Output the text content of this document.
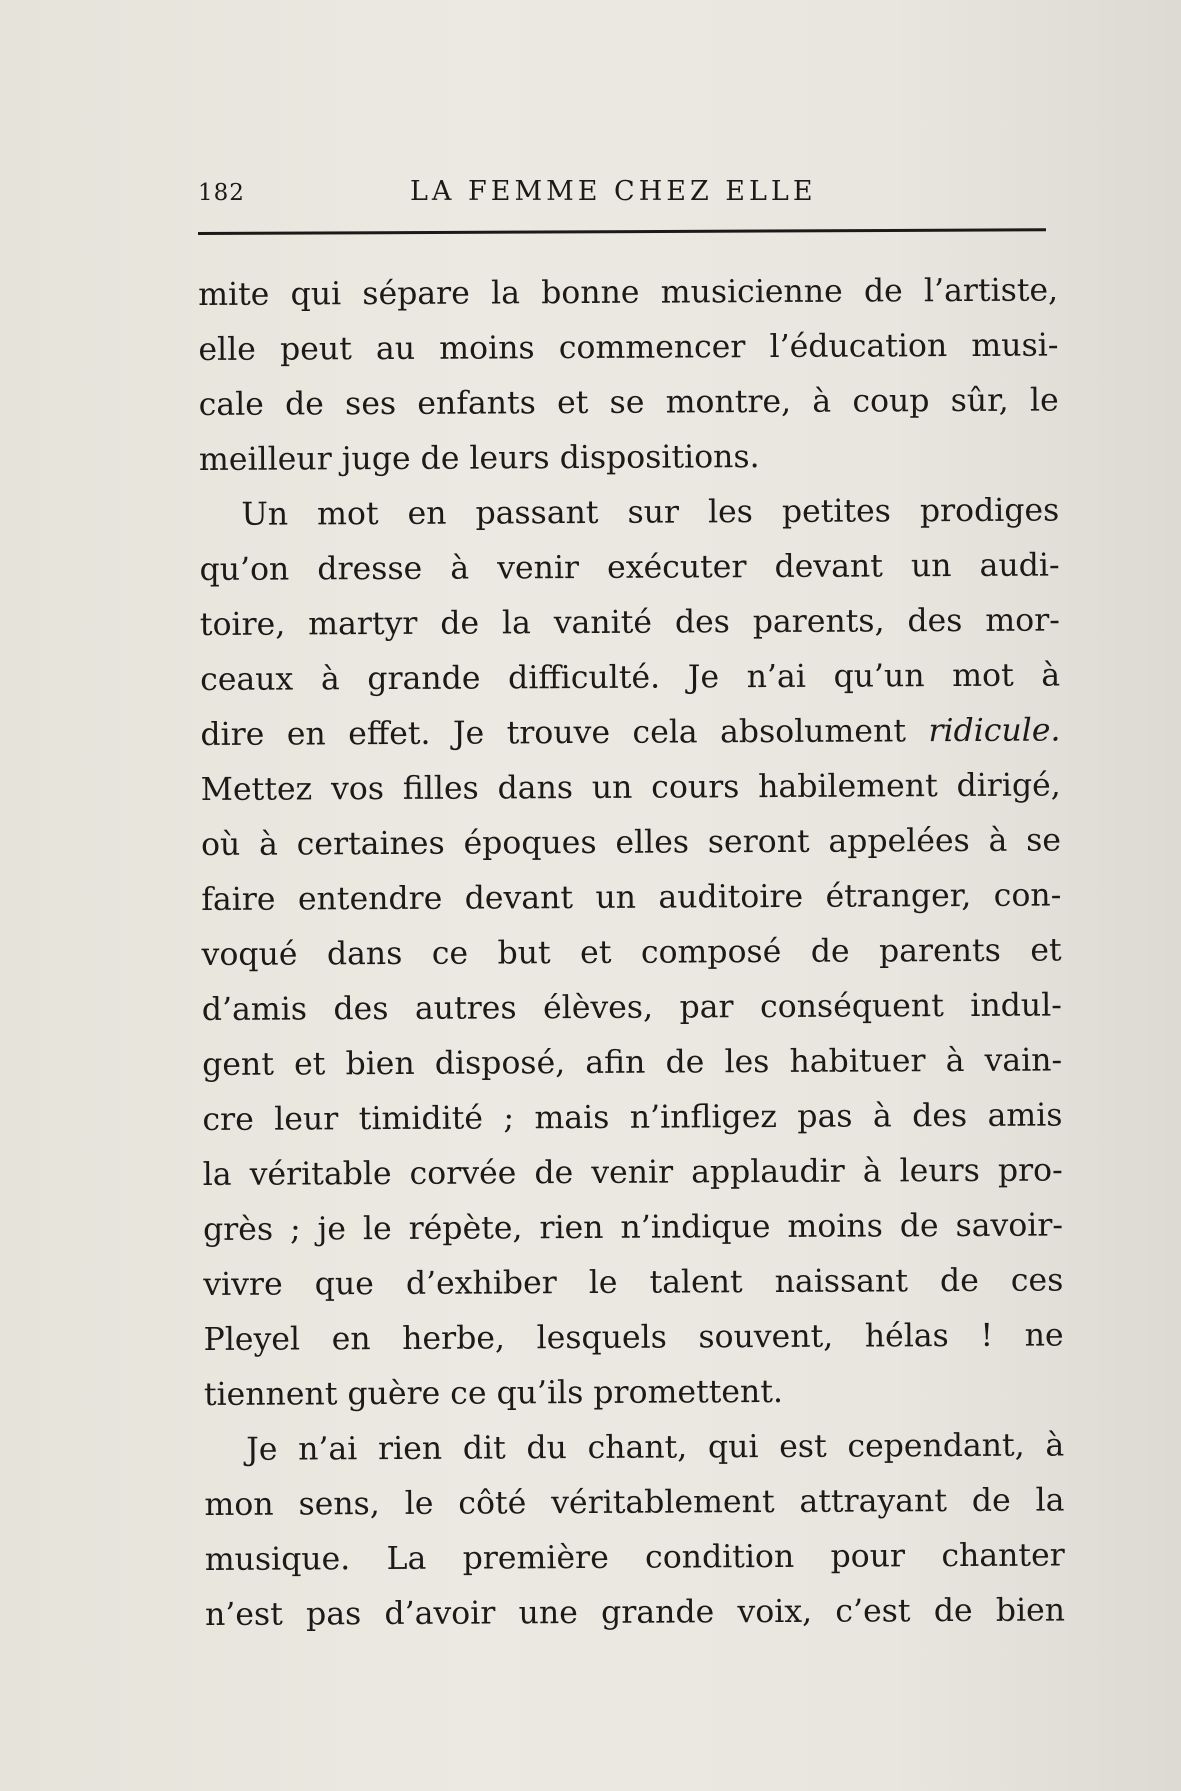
182	LA FEMME CHEZ ELLE
mite qui sépare la bonne musicienne de l’artiste,
elle peut au moins commencer l’éducation musi-
cale de ses enfants et se montre, à coup sûr, le
meilleur juge de leurs dispositions.
Un mot en passant sur les petites prodiges
qu’on dresse à venir exécuter devant un audi-
toire, martyr de la vanité des parents, des mor-
ceaux à grande difficulté. Je n’ai qu’un mot à
dire en effet. Je trouve cela absolument ridicule.
Mettez vos filles dans un cours habilement dirigé,
où à certaines époques elles seront appelées à se
faire entendre devant un auditoire étranger, con-
voqué dans ce but et composé de parents et
d’amis des autres élèves, par conséquent indul-
gent et bien disposé, afin de les habituer à vain-
cre leur timidité ; mais n’infligez pas à des amis
la véritable corvée de venir applaudir à leurs pro-
grès ; je le répète, rien n’indique moins de savoir-
vivre que d’exhiber le talent naissant de ces
Pleyel en herbe, lesquels souvent, hélas ! ne
tiennent guère ce qu’ils promettent.
Je n’ai rien dit du chant, qui est cependant, à
mon sens, le côté véritablement attrayant de la
musique. La première condition pour chanter
n’est pas d’avoir une grande voix, c’est de bien
